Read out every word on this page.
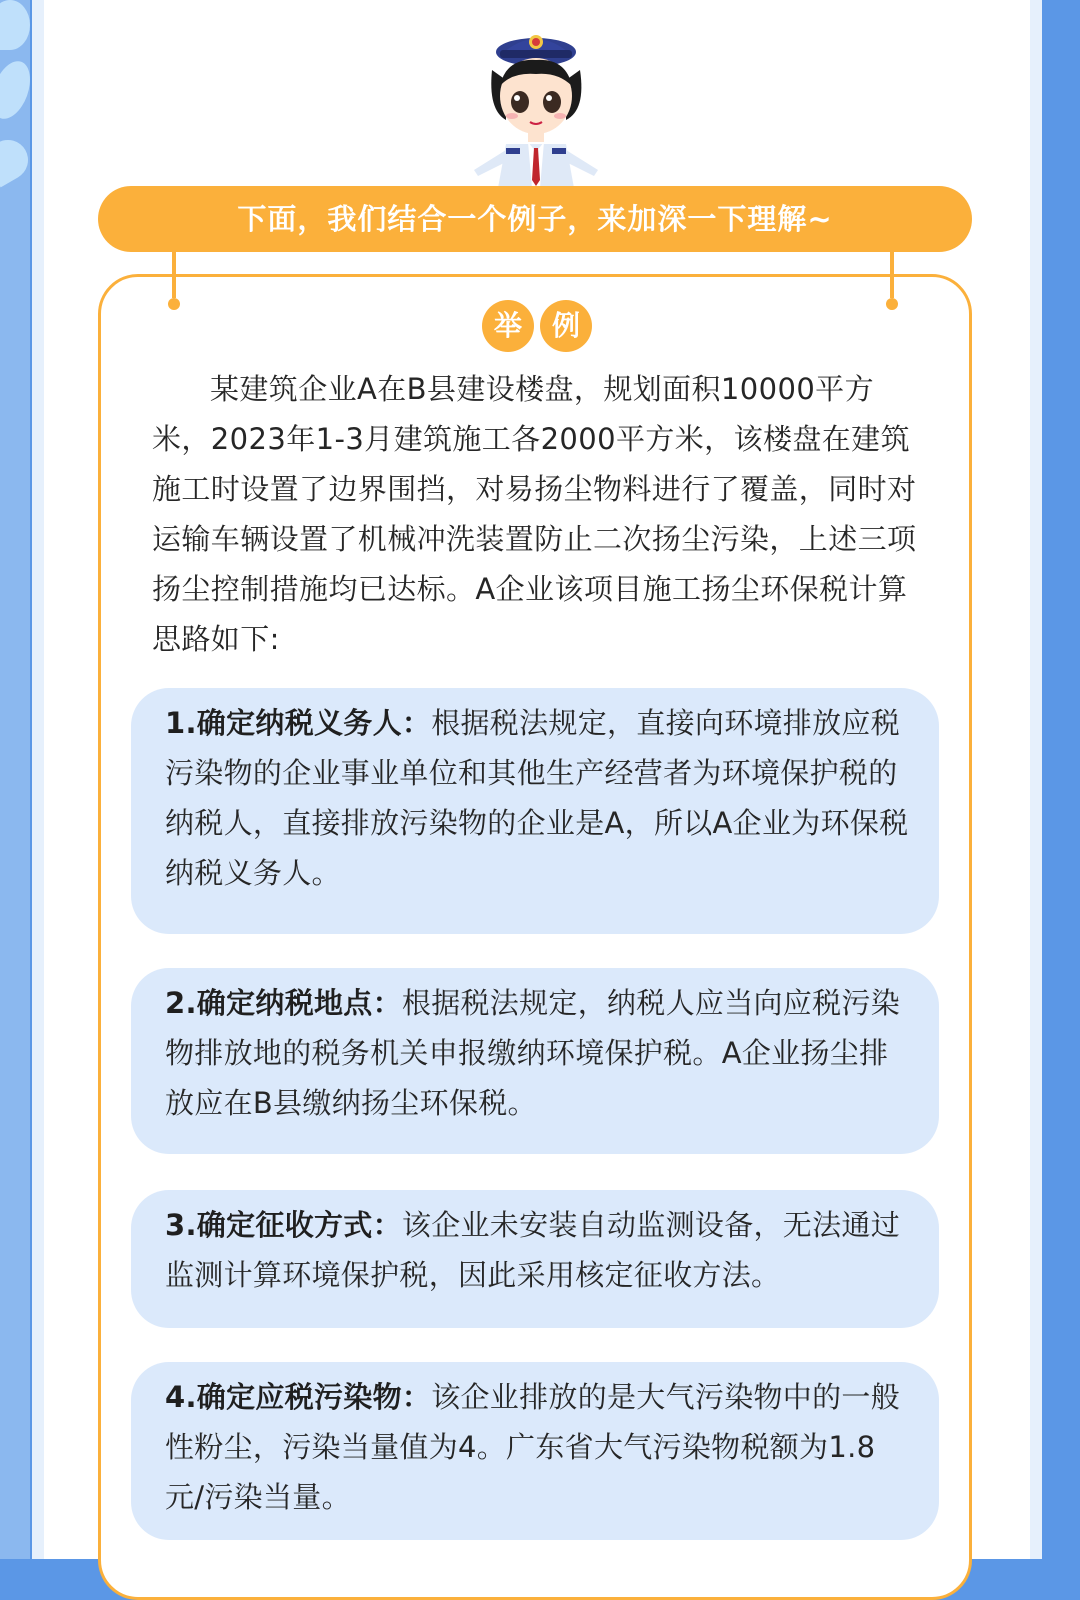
下面，我们结合一个例子，来加深一下理解~
举	例
某建筑企业A在B县建设楼盘，规划面积10000平方米，2023年1-3月建筑施工各2000平方米，该楼盘在建筑施工时设置了边界围挡，对易扬尘物料进行了覆盖，同时对运输车辆设置了机械冲洗装置防止二次扬尘污染，上述三项扬尘控制措施均已达标。A企业该项目施工扬尘环保税计算思路如下:
1.确定纳税义务人：根据税法规定，直接向环境排放应税污染物的企业事业单位和其他生产经营者为环境保护税的纳税人，直接排放污染物的企业是A，所以A企业为环保税纳税义务人。
2.确定纳税地点：根据税法规定，纳税人应当向应税污染物排放地的税务机关申报缴纳环境保护税。A企业扬尘排放应在B县缴纳扬尘环保税。
3.确定征收方式：该企业未安装自动监测设备，无法通过监测计算环境保护税，因此采用核定征收方法。
4.确定应税污染物：该企业排放的是大气污染物中的一般性粉尘，污染当量值为4。广东省大气污染物税额为1.8元/污染当量。
